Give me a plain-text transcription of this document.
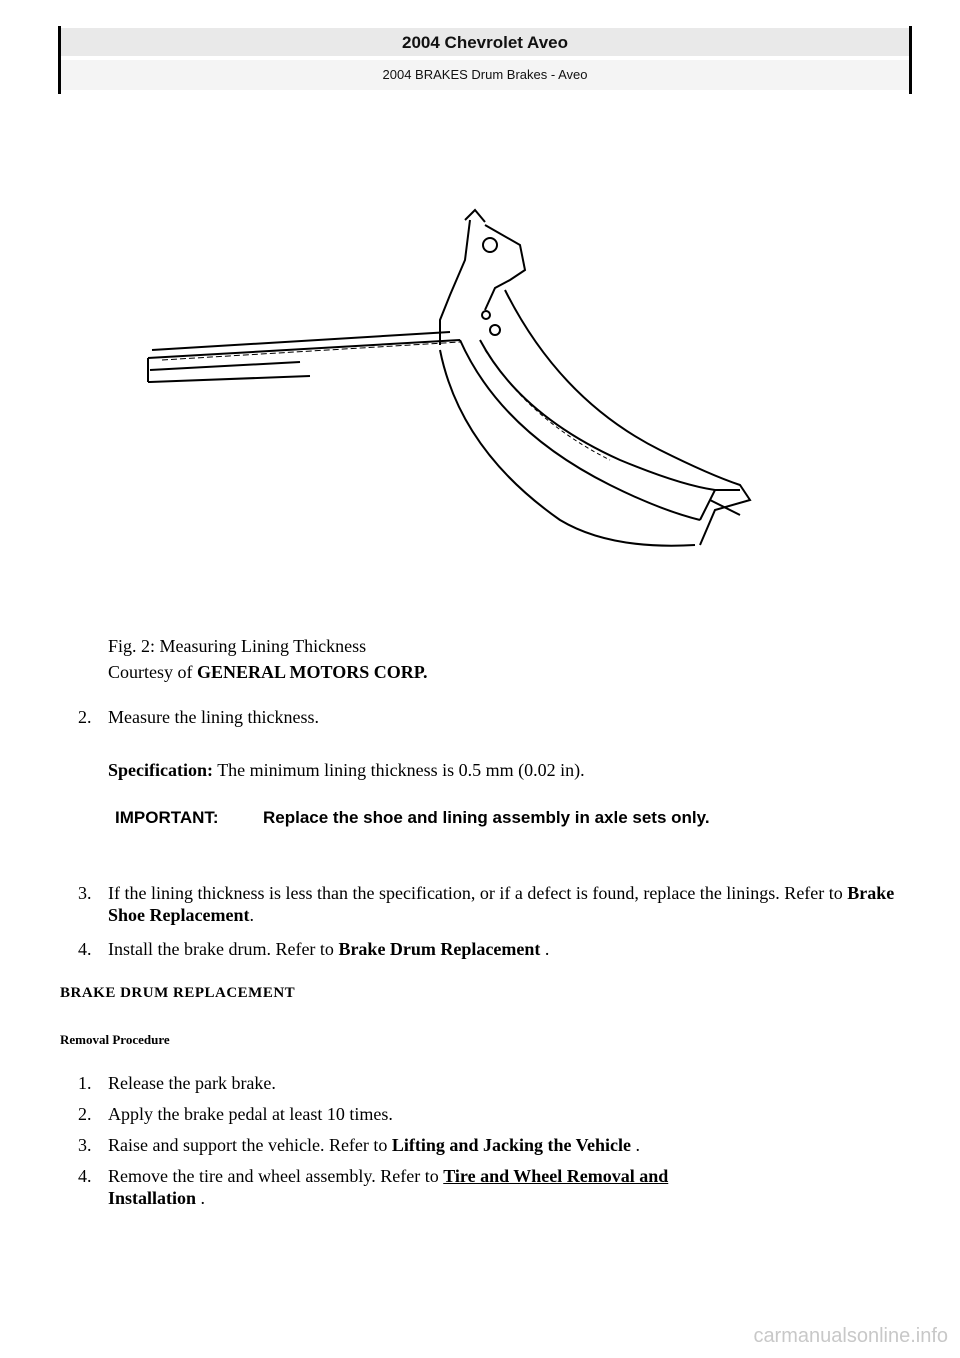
2004 Chevrolet Aveo
2004 BRAKES Drum Brakes - Aveo
Fig. 2: Measuring Lining Thickness
Courtesy of GENERAL MOTORS CORP.
2. Measure the lining thickness.
Specification: The minimum lining thickness is 0.5 mm (0.02 in).
IMPORTANT:	Replace the shoe and lining assembly in axle sets only.
3. If the lining thickness is less than the specification, or if a defect is found, replace the linings. Refer to Brake Shoe Replacement.
4. Install the brake drum. Refer to Brake Drum Replacement .
BRAKE DRUM REPLACEMENT
Removal Procedure
1. Release the park brake.
2. Apply the brake pedal at least 10 times.
3. Raise and support the vehicle. Refer to Lifting and Jacking the Vehicle .
4. Remove the tire and wheel assembly. Refer to Tire and Wheel Removal and
Installation .
carmanualsonline.info
